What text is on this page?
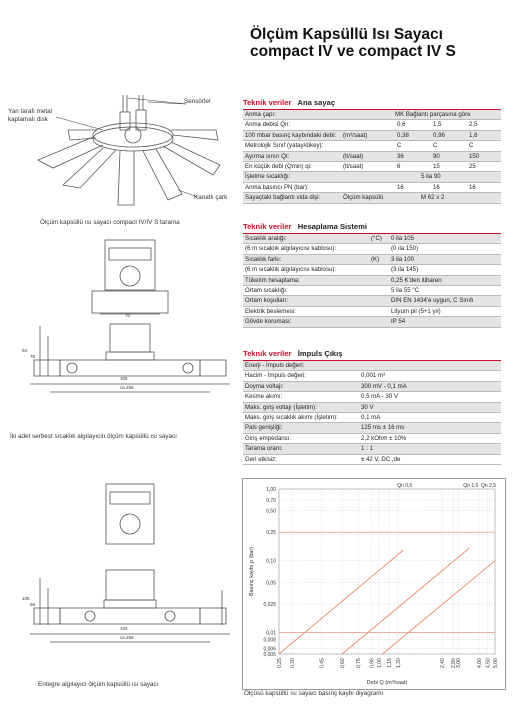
Ölçüm Kapsüllü Isı Sayacı
compact IV ve compact IV S
Yan tarafı metal
kaplamalı disk
Sensörler
Kanatlı çark
Ölçüm kapsüllü ısı sayacı compact IV/IV S tarama
70
94
75
105
ca 256
İki adet serbest sıcaklık algılayıcılı ölçüm kapsüllü ısı sayacı
105
86
105
ca 256
Entegre algılayıcı ölçüm kapsüllü ısı sayacı
Teknik veriler Ana sayaç
Anma çapı:	MK Bağlantı parçasına göre
Anma debisi Qn:	0,6	1,5	2,5
100 mbar basınç kaybındaki debi: (m³/saat)	0,38	0,96	1,6
Metrolojik Sınıf (yatay/dikey):	C	C	C
Ayırma sınırı Qt:	(lt/saat)	36	90	150
En küçük debi (Qmin) qi:	(lt/saat)	6	15	25
İşletme sıcaklığı:	5 ila 90
Anma basıncı PN (bar):	16	16	16
Sayaçtaki bağlantı vida dişi:	Ölçüm kapsülü	M 62 x 2
Teknik veriler Hesaplama Sistemi
Sıcaklık aralığı:	(°C) 0 ila 105
(6 m sıcaklık algılayıcısı kablosu):	(0 ila 150)
Sıcaklık farkı:	(K) 3 ila 100
(6 m sıcaklık algılayıcısı kablosu):	(3 ila 145)
Tüketim hesaplama:	0,25 K'den itibaren
Ortam sıcaklığı:	5 ila 55 °C
Ortam koşulları:	DIN EN 1434'e uygun, C Sınıfı
Elektrik beslemesi:	Lityum pil (5+1 yıl)
Gövde koruması:	IP 54
Teknik veriler İmpuls Çıkış
Enerji - İmpuls değeri:
Hacim - İmpuls değeri:	0,001 m³
Doyma voltajı:	300 mV - 0,1 mA
Kesme akımı:	0,5 mA - 30 V
Maks. giriş voltajı (İşletim):	30 V
Maks. giriş sıcaklık akımı (İşletim):	0,1 mA
Pals genişliği:	125 ms ± 16 ms
Giriş empedansı:	2,2 kOhm ± 10%
Tarama oranı:	1 : 1
Geri etkisiz:	± 42 V, DC ,de
0,25 0,30	0,45	0,60 0,75 0,90 1,00 1,15 1,30	2,40 2,80
3,00	4,00 4,50 5,00
0,005
0,006
0,008
0,01
0,025
0,05
0,10
0,25
0,50
0,70
1,00
Qn 0,6	Qn 1,5 Qn 2,5
Debi Q (m³/saat)
Basınç kaybı p (bar)
Ölçüsü kapsüllü ısı sayacı basınç kaybı diyagramı
